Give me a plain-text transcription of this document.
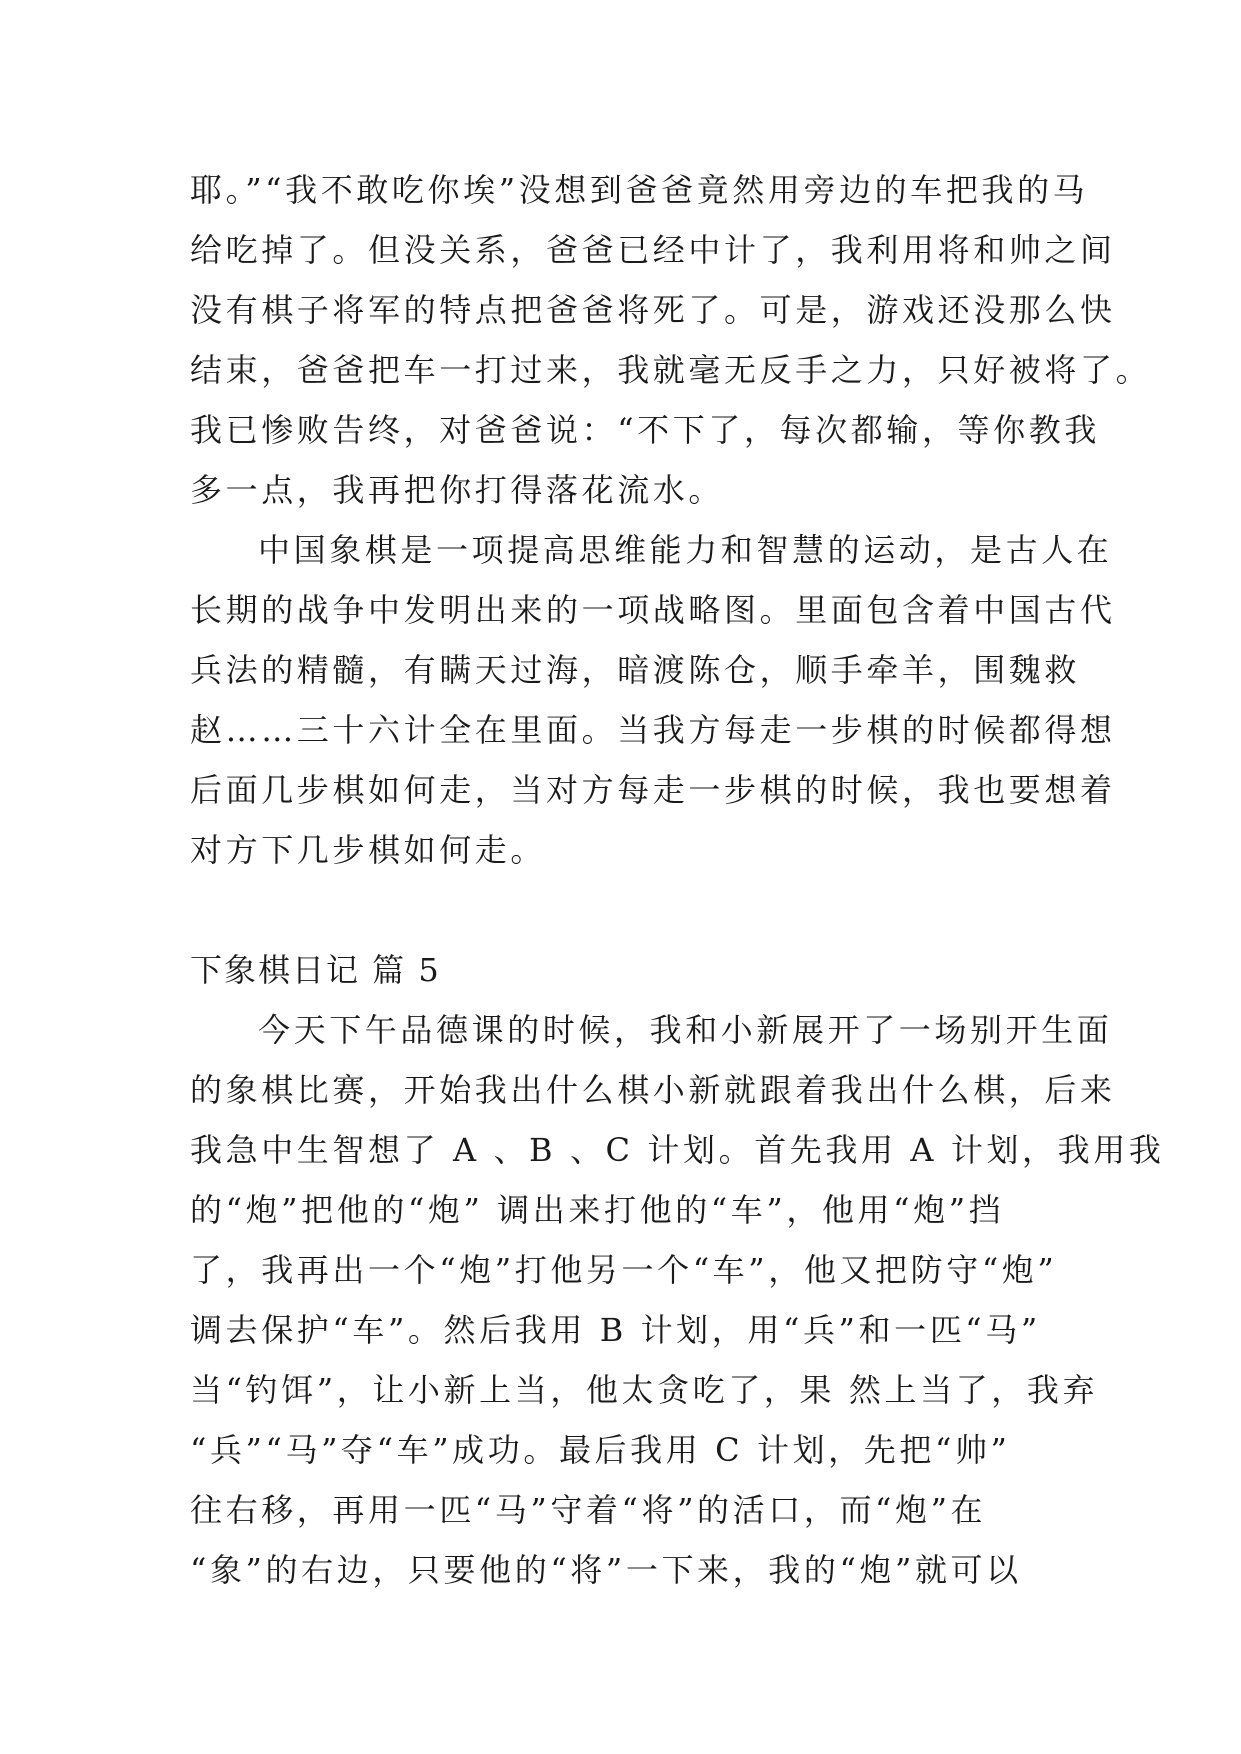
耶。”“我不敢吃你埃”没想到爸爸竟然用旁边的车把我的马
给吃掉了。但没关系，爸爸已经中计了，我利用将和帅之间
没有棋子将军的特点把爸爸将死了。可是，游戏还没那么快
结束，爸爸把车一打过来，我就毫无反手之力，只好被将了。
我已惨败告终，对爸爸说：“不下了，每次都输，等你教我
多一点，我再把你打得落花流水。
中国象棋是一项提高思维能力和智慧的运动，是古人在
长期的战争中发明出来的一项战略图。里面包含着中国古代
兵法的精髓，有瞒天过海，暗渡陈仓，顺手牵羊，围魏救
赵……三十六计全在里面。当我方每走一步棋的时候都得想
后面几步棋如何走，当对方每走一步棋的时候，我也要想着
对方下几步棋如何走。
下象棋日记 篇 5
今天下午品德课的时候，我和小新展开了一场别开生面
的象棋比赛，开始我出什么棋小新就跟着我出什么棋，后来
我急中生智想了 A 、B 、C 计划。首先我用 A 计划，我用我
的“炮”把他的“炮” 调出来打他的“车”，他用“炮”挡
了，我再出一个“炮”打他另一个“车”，他又把防守“炮”
调去保护“车”。然后我用 B 计划，用“兵”和一匹“马”
当“钓饵”，让小新上当，他太贪吃了，果 然上当了，我弃
“兵”“马”夺“车”成功。最后我用 C 计划，先把“帅”
往右移，再用一匹“马”守着“将”的活口，而“炮”在
“象”的右边，只要他的“将”一下来，我的“炮”就可以
